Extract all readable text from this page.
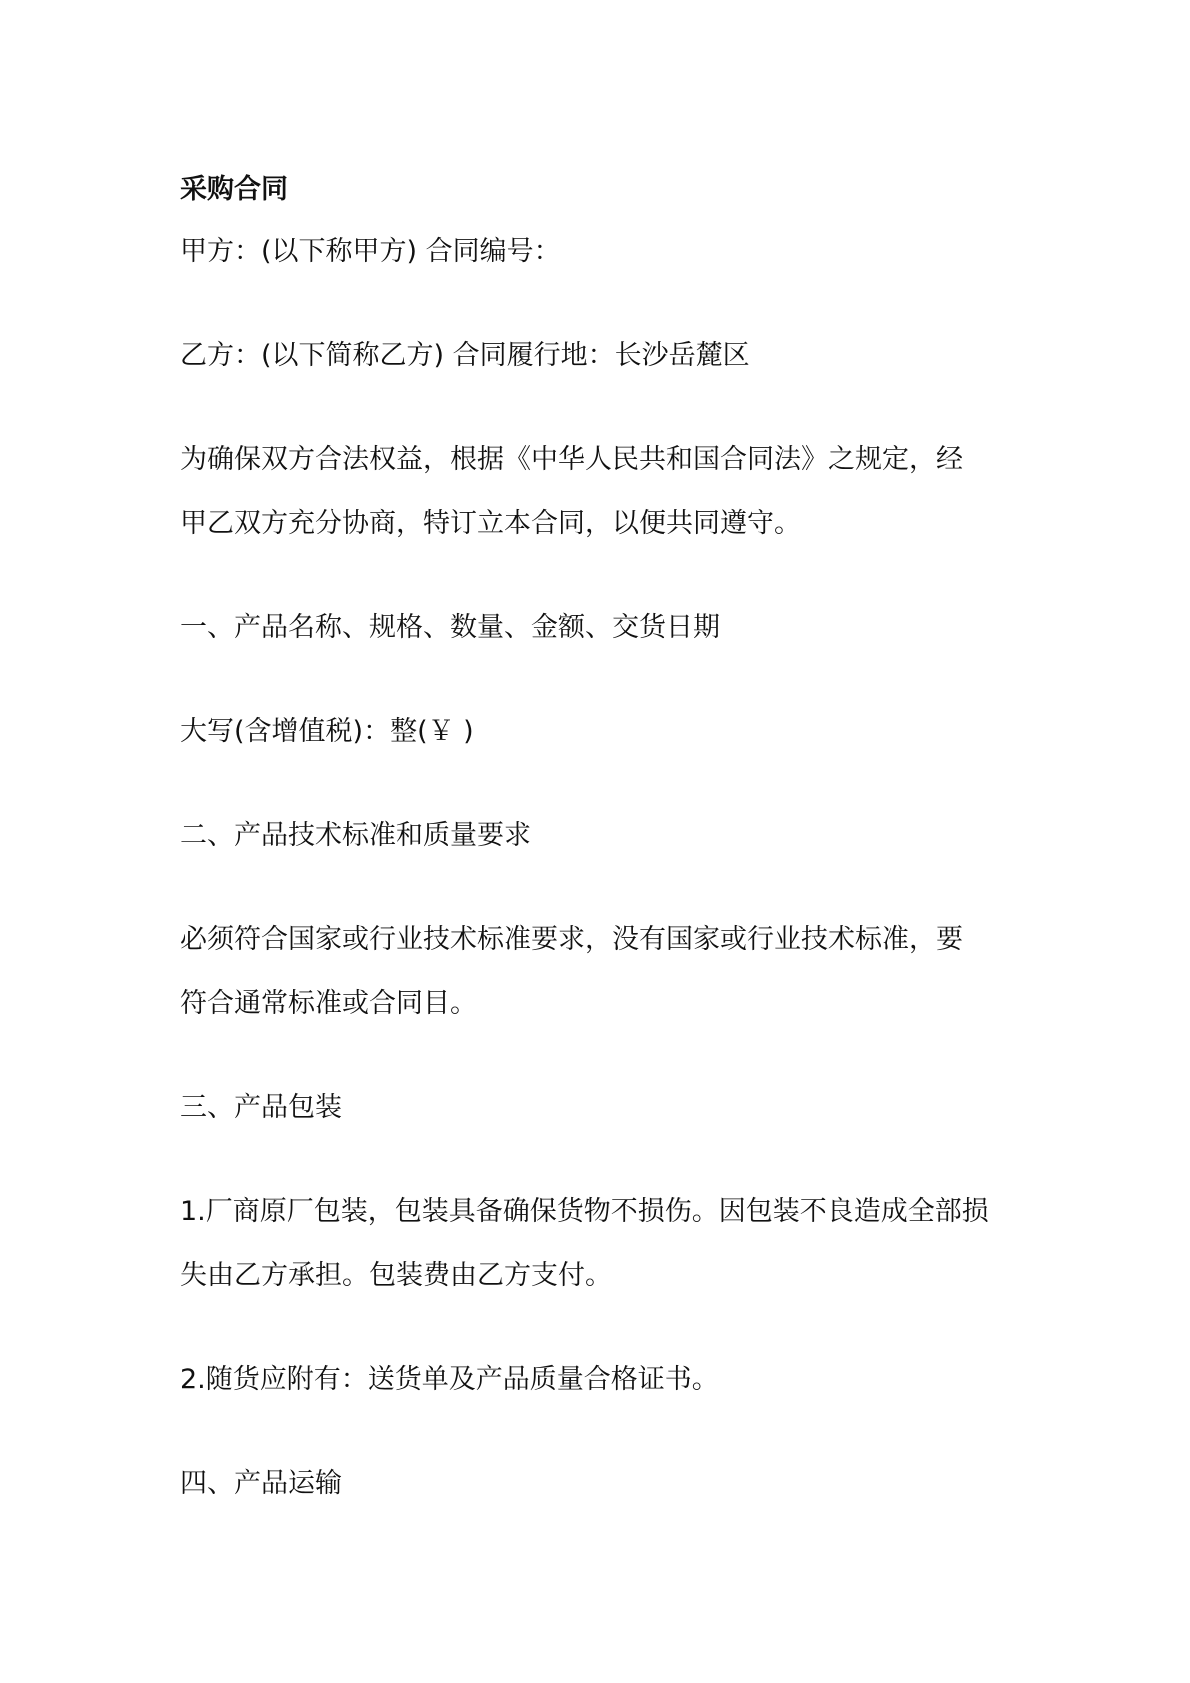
采购合同

甲方：(以下称甲方) 合同编号：

乙方：(以下简称乙方) 合同履行地：长沙岳麓区

为确保双方合法权益，根据《中华人民共和国合同法》之规定，经

甲乙双方充分协商，特订立本合同，以便共同遵守。

一、产品名称、规格、数量、金额、交货日期

大写(含增值税)：整(￥ )

二、产品技术标准和质量要求

必须符合国家或行业技术标准要求，没有国家或行业技术标准，要

符合通常标准或合同目。

三、产品包装

1.厂商原厂包装，包装具备确保货物不损伤。因包装不良造成全部损

失由乙方承担。包装费由乙方支付。

2.随货应附有：送货单及产品质量合格证书。

四、产品运输
